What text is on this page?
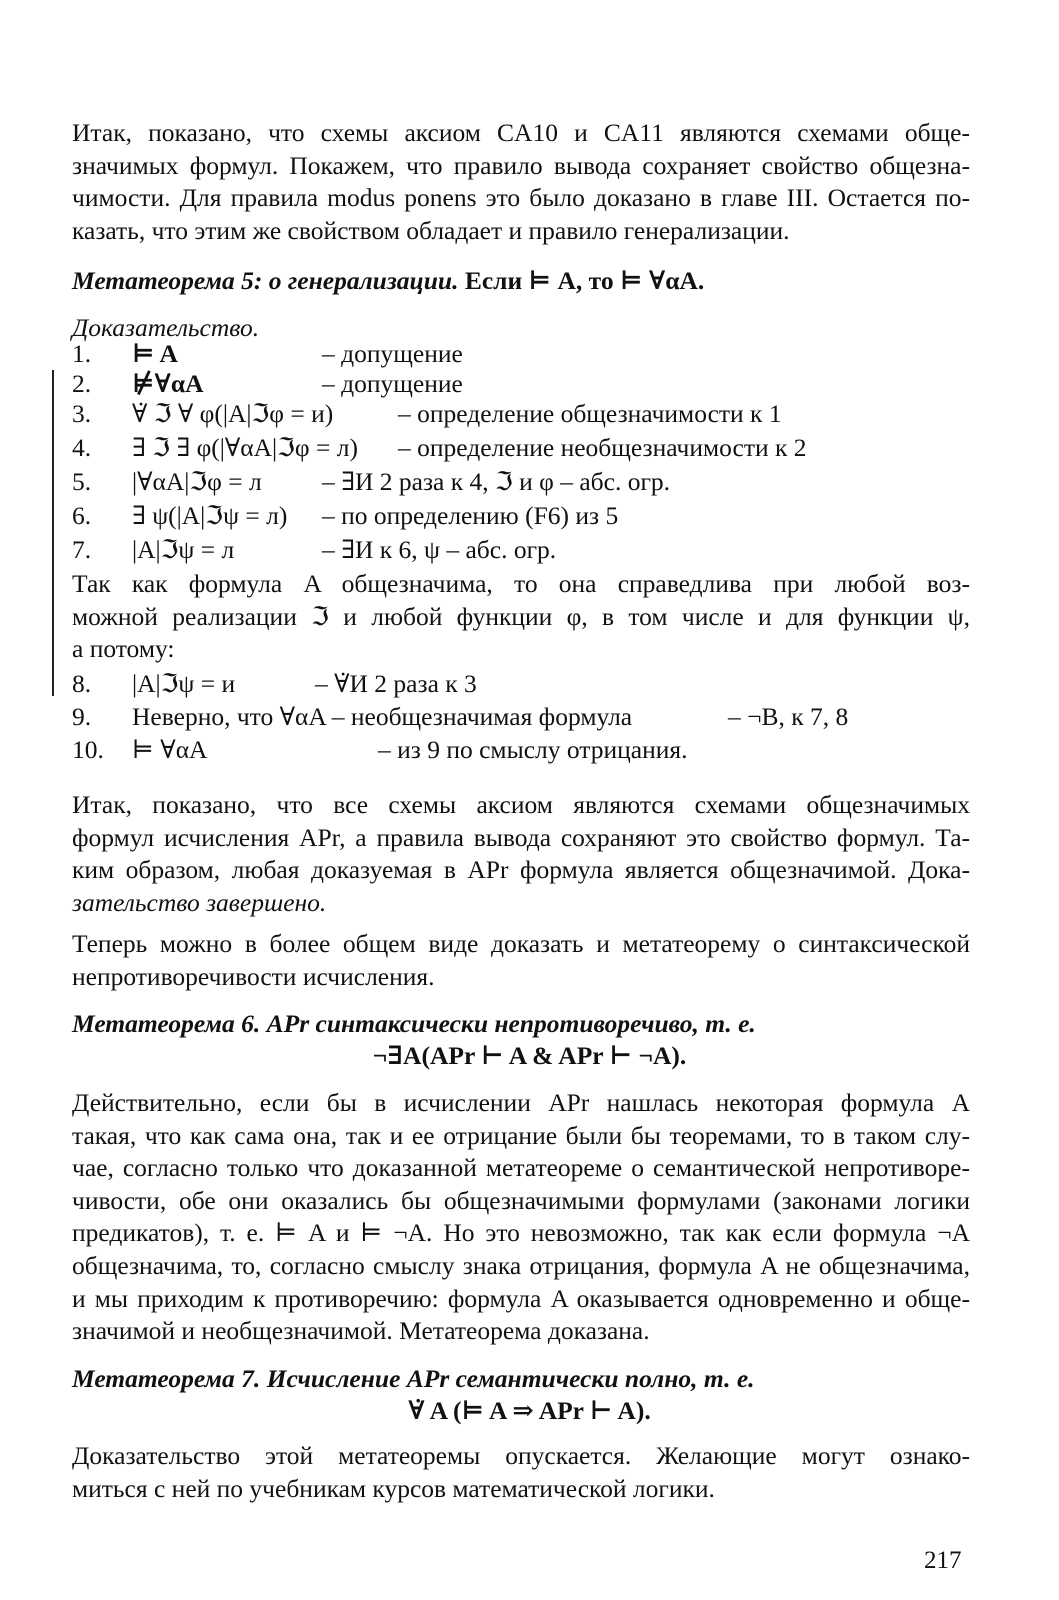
Итак, показано, что схемы аксиом CA10 и CA11 являются схемами обще-
значимых формул. Покажем, что правило вывода сохраняет свойство общезна-
чимости. Для правила modus ponens это было доказано в главе III. Остается по-
казать, что этим же свойством обладает и правило генерализации.
Метатеорема 5: о генерализации. Если ⊨ A, то ⊨ ∀αA.
Доказательство.
1. ⊨ A	– допущение
2. ⊭∀αA	– допущение
3. ∀̇ ℑ ∀ φ(|A|ℑφ = и)	– определение общезначимости к 1
4. ∃ ℑ ∃ φ(|∀αA|ℑφ = л) – определение необщезначимости к 2
5. |∀αA|ℑφ = л – ∃И 2 раза к 4, ℑ и φ – абс. огр.
6. ∃ ψ(|A|ℑψ = л) – по определению (F6) из 5
7. |A|ℑψ = л	– ∃И к 6, ψ – абс. огр.
Так как формула A общезначима, то она справедлива при любой воз-
можной реализации ℑ и любой функции φ, в том числе и для функции ψ,
а потому:
8. |A|ℑψ = и	– ∀̇И 2 раза к 3
9. Неверно, что ∀αA – необщезначимая формула	– ¬В, к 7, 8
10. ⊨ ∀αA	– из 9 по смыслу отрицания.
Итак, показано, что все схемы аксиом являются схемами общезначимых
формул исчисления APr, а правила вывода сохраняют это свойство формул. Та-
ким образом, любая доказуемая в APr формула является общезначимой. Дока-
зательство завершено.
Теперь можно в более общем виде доказать и метатеорему о синтаксической
непротиворечивости исчисления.
Метатеорема 6. APr синтаксически непротиворечиво, т. е.
¬∃A(APr ⊢ A & APr ⊢ ¬A).
Действительно, если бы в исчислении APr нашлась некоторая формула A
такая, что как сама она, так и ее отрицание были бы теоремами, то в таком слу-
чае, согласно только что доказанной метатеореме о семантической непротиворе-
чивости, обе они оказались бы общезначимыми формулами (законами логики
предикатов), т. е. ⊨ A и ⊨ ¬A. Но это невозможно, так как если формула ¬A
общезначима, то, согласно смыслу знака отрицания, формула A не общезначима,
и мы приходим к противоречию: формула A оказывается одновременно и обще-
значимой и необщезначимой. Метатеорема доказана.
Метатеорема 7. Исчисление APr семантически полно, т. е.
∀̇ A (⊨ A ⇒ APr ⊢ A).
Доказательство этой метатеоремы опускается. Желающие могут ознако-
миться с ней по учебникам курсов математической логики.
217
